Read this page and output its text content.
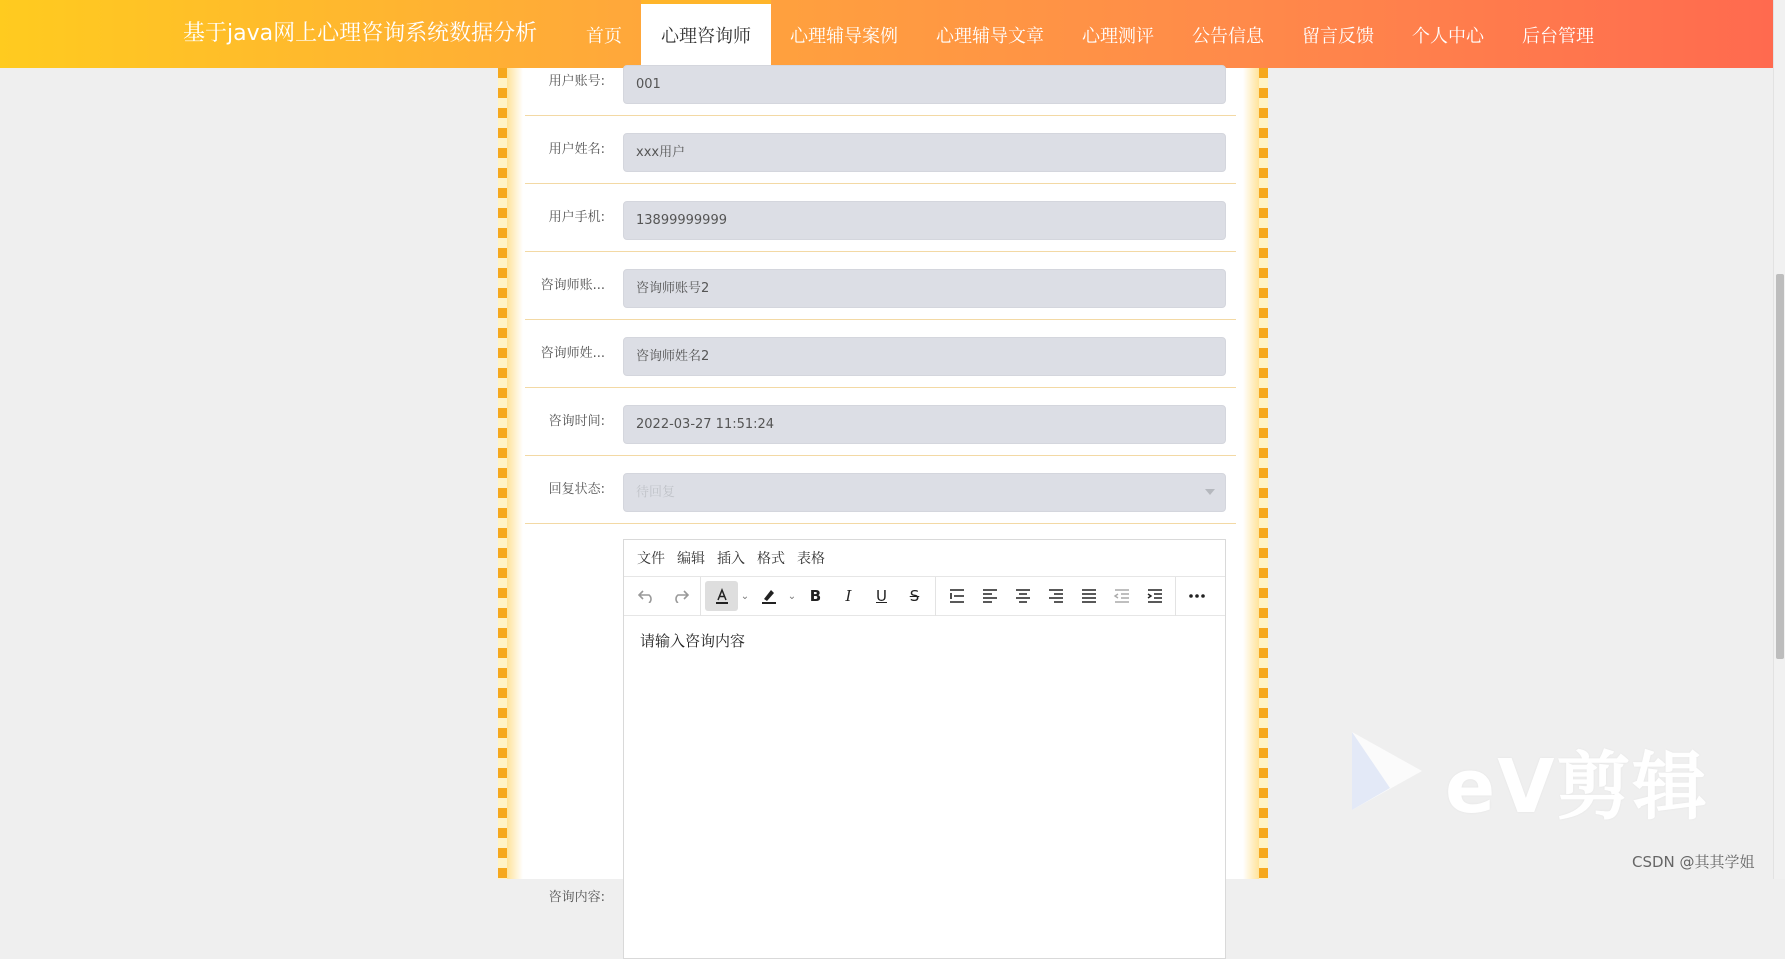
基于java网上心理咨询系统数据分析	首页	心理咨询师	心理辅导案例	心理辅导文章	心理测评	公告信息	留言反馈	个人中心	后台管理
用户账号:	001
用户姓名:	xxx用户
用户手机:	13899999999
咨询师账...	咨询师账号2
咨询师姓...	咨询师姓名2
咨询时间:	2022-03-27 11:51:24
回复状态:	待回复
咨询内容:
文件 编辑 插入 格式 表格
⌄	⌄ B I U S
请输入咨询内容
eV剪辑
CSDN @其其学姐
